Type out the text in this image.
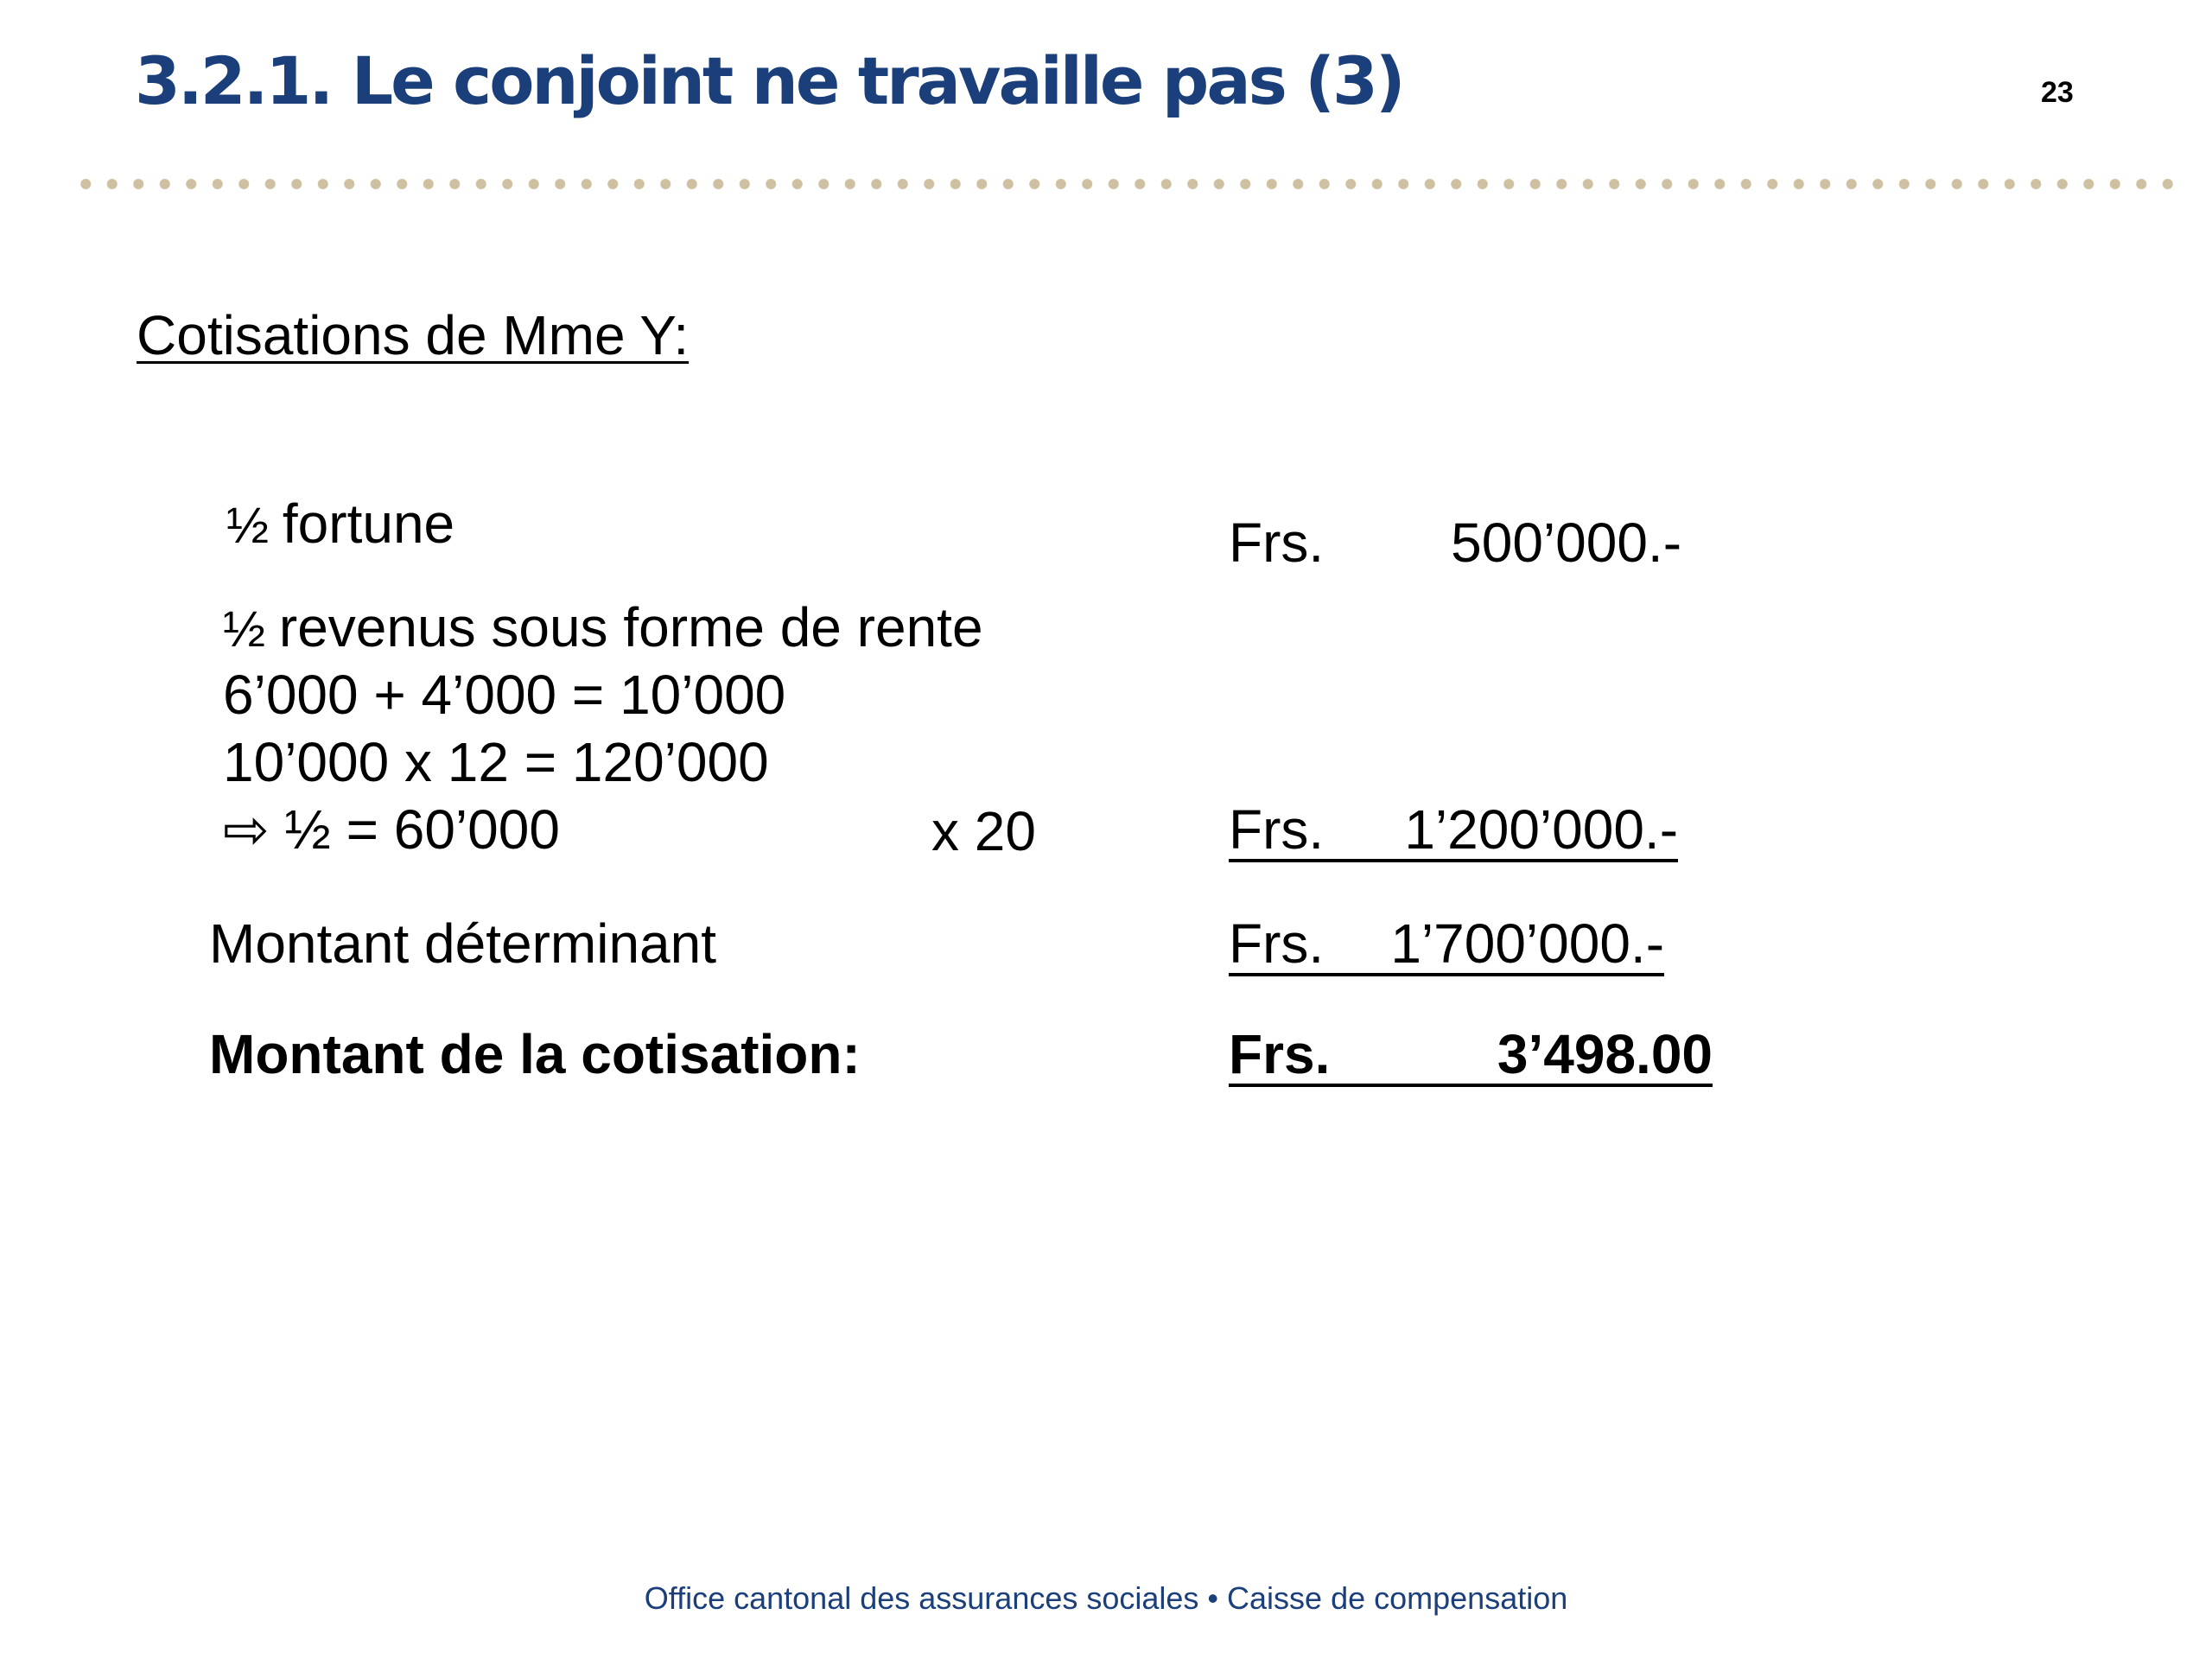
3.2.1. Le conjoint ne travaille pas (3)	23
Cotisations de Mme Y:
½ fortune	Frs. 500’000.-
½ revenus sous forme de rente
6’000 + 4’000 = 10’000
10’000 x 12 = 120’000
⇨ ½ = 60’000	x 20	Frs. 1’200’000.-
Montant déterminant	Frs. 1’700’000.-
Montant de la cotisation:	Frs.	3’498.00
Office cantonal des assurances sociales • Caisse de compensation
